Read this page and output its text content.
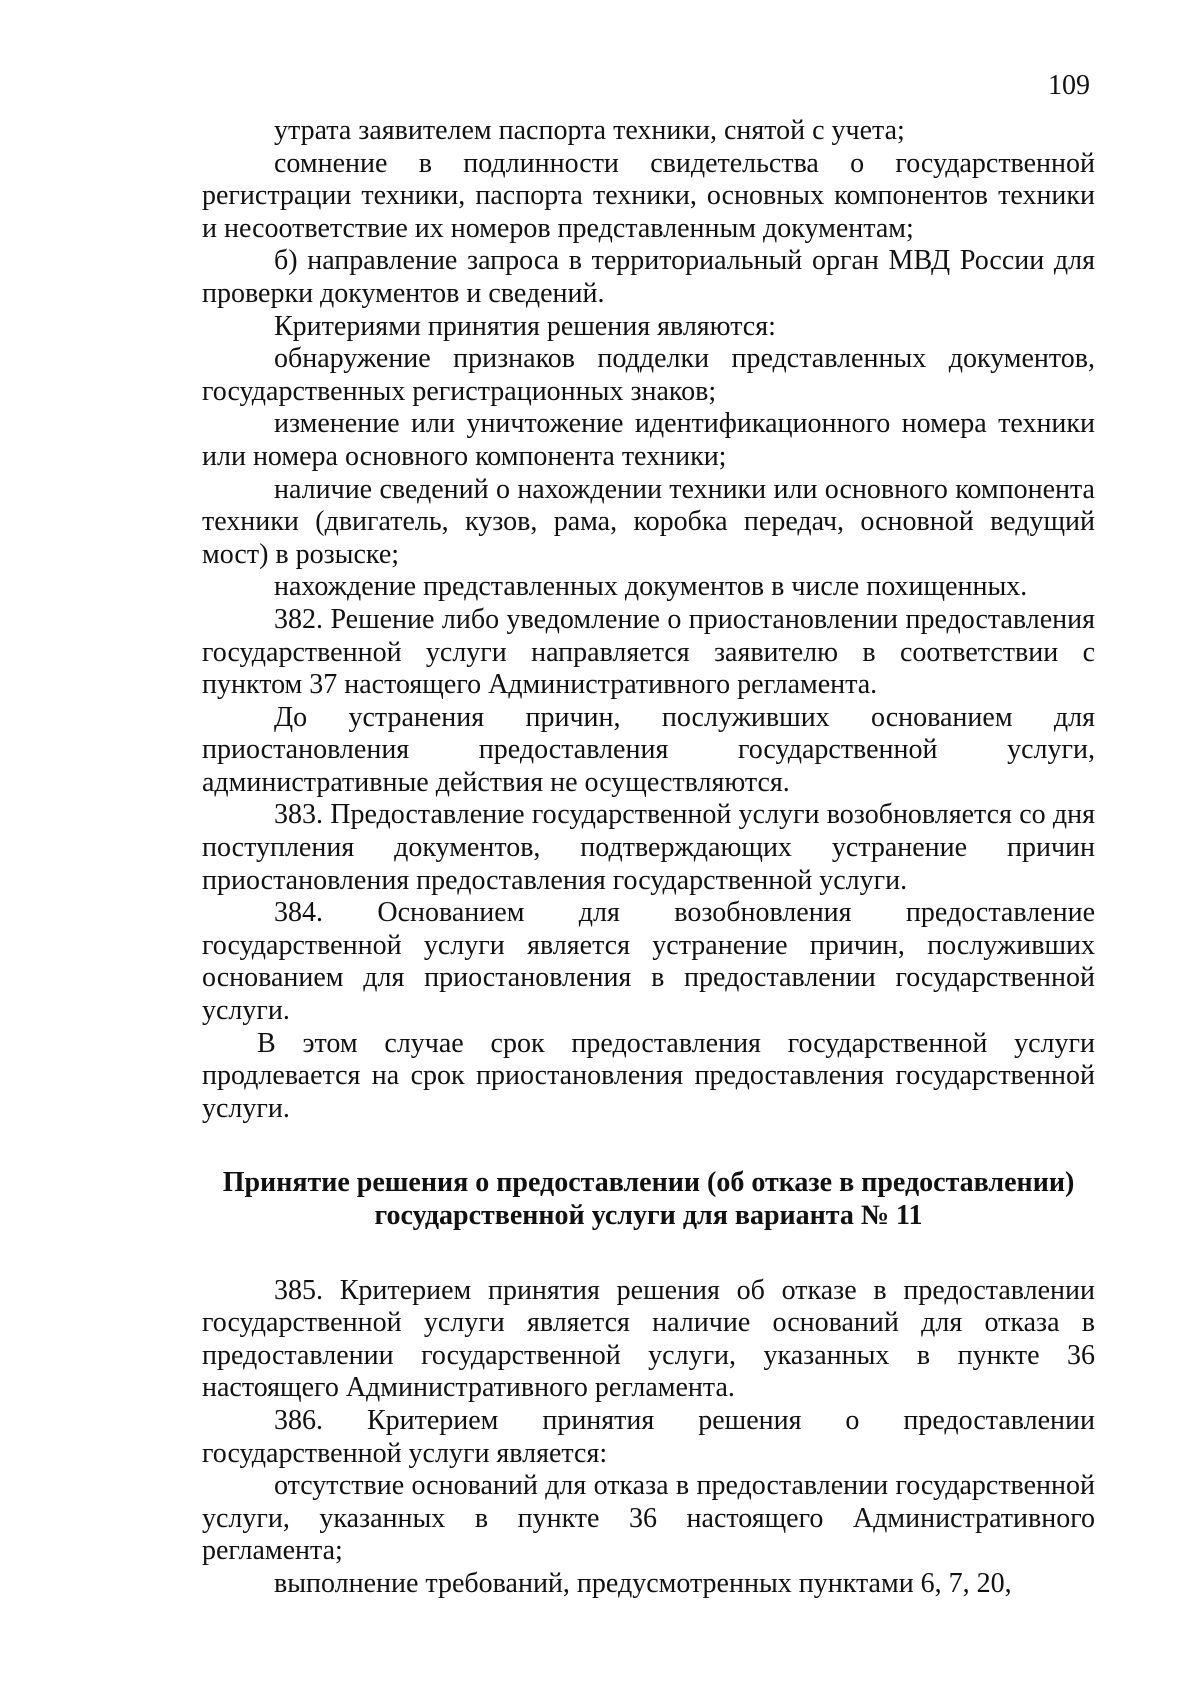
109

утрата заявителем паспорта техники, снятой с учета;

сомнение в подлинности свидетельства о государственной регистрации техники, паспорта техники, основных компонентов техники и несоответствие их номеров представленным документам;

б) направление запроса в территориальный орган МВД России для проверки документов и сведений.

Критериями принятия решения являются:

обнаружение признаков подделки представленных документов, государственных регистрационных знаков;

изменение или уничтожение идентификационного номера техники или номера основного компонента техники;

наличие сведений о нахождении техники или основного компонента техники (двигатель, кузов, рама, коробка передач, основной ведущий мост) в розыске;

нахождение представленных документов в числе похищенных.

382. Решение либо уведомление о приостановлении предоставления государственной услуги направляется заявителю в соответствии с пунктом 37 настоящего Административного регламента.

До устранения причин, послуживших основанием для приостановления предоставления государственной услуги, административные действия не осуществляются.

383. Предоставление государственной услуги возобновляется со дня поступления документов, подтверждающих устранение причин приостановления предоставления государственной услуги.

384. Основанием для возобновления предоставление государственной услуги является устранение причин, послуживших основанием для приостановления в предоставлении государственной услуги.

В этом случае срок предоставления государственной услуги продлевается на срок приостановления предоставления государственной услуги.

Принятие решения о предоставлении (об отказе в предоставлении)
государственной услуги для варианта № 11

385. Критерием принятия решения об отказе в предоставлении государственной услуги является наличие оснований для отказа в предоставлении государственной услуги, указанных в пункте 36 настоящего Административного регламента.

386. Критерием принятия решения о предоставлении государственной услуги является:

отсутствие оснований для отказа в предоставлении государственной услуги, указанных в пункте 36 настоящего Административного регламента;

выполнение требований, предусмотренных пунктами 6, 7, 20,
